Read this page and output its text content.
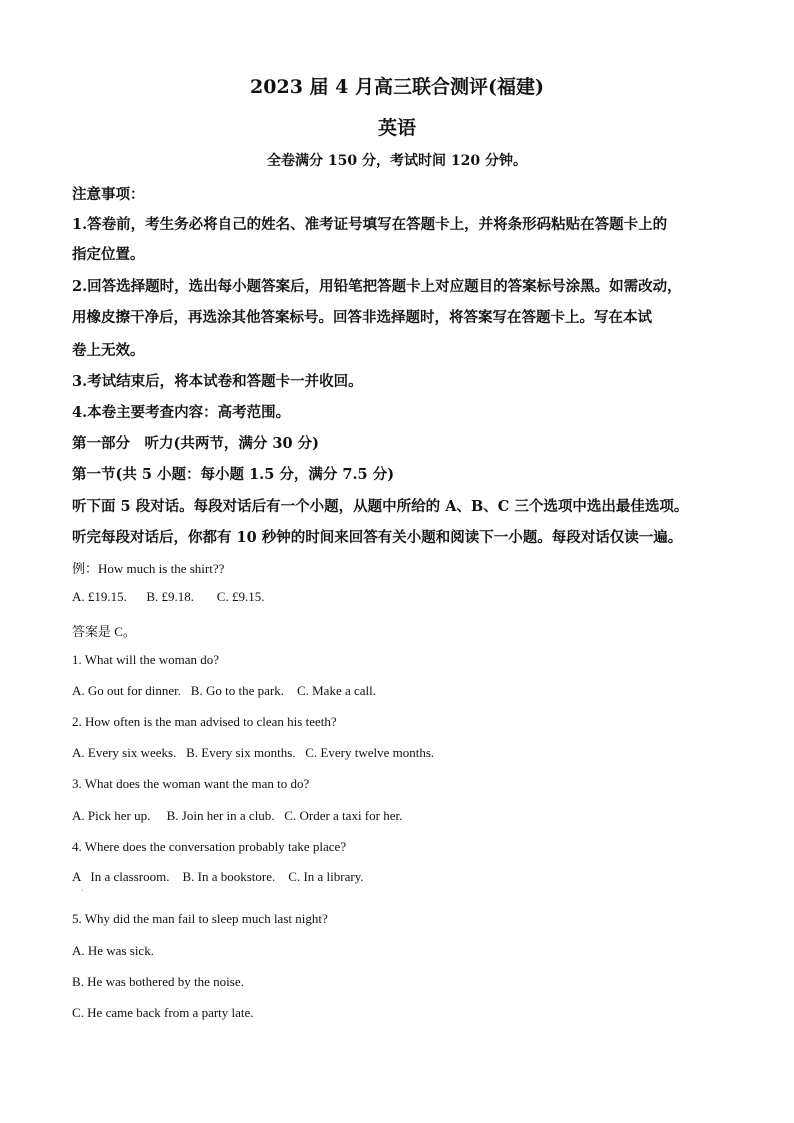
2023 届 4 月高三联合测评(福建)
英语
全卷满分 150 分，考试时间 120 分钟。
注意事项：
1.答卷前，考生务必将自己的姓名、准考证号填写在答题卡上，并将条形码粘贴在答题卡上的
指定位置。
2.回答选择题时，选出每小题答案后，用铅笔把答题卡上对应题目的答案标号涂黑。如需改动，
用橡皮擦干净后，再选涂其他答案标号。回答非选择题时，将答案写在答题卡上。写在本试
卷上无效。
3.考试结束后，将本试卷和答题卡一并收回。
4.本卷主要考查内容：高考范围。
第一部分　听力(共两节，满分 30 分)
第一节(共 5 小题：每小题 1.5 分，满分 7.5 分)
听下面 5 段对话。每段对话后有一个小题，从题中所给的 A、B、C 三个选项中选出最佳选项。
听完每段对话后，你都有 10 秒钟的时间来回答有关小题和阅读下一小题。每段对话仅读一遍。
例：How much is the shirt??
A. £19.15.      B. £9.18.       C. £9.15.
答案是 C。
1. What will the woman do?
A. Go out for dinner.   B. Go to the park.    C. Make a call.
2. How often is the man advised to clean his teeth?
A. Every six weeks.   B. Every six months.   C. Every twelve months.
3. What does the woman want the man to do?
A. Pick her up.     B. Join her in a club.   C. Order a taxi for her.
4. Where does the conversation probably take place?
A   In a classroom.    B. In a bookstore.    C. In a library.
·
5. Why did the man fail to sleep much last night?
A. He was sick.
B. He was bothered by the noise.
C. He came back from a party late.
